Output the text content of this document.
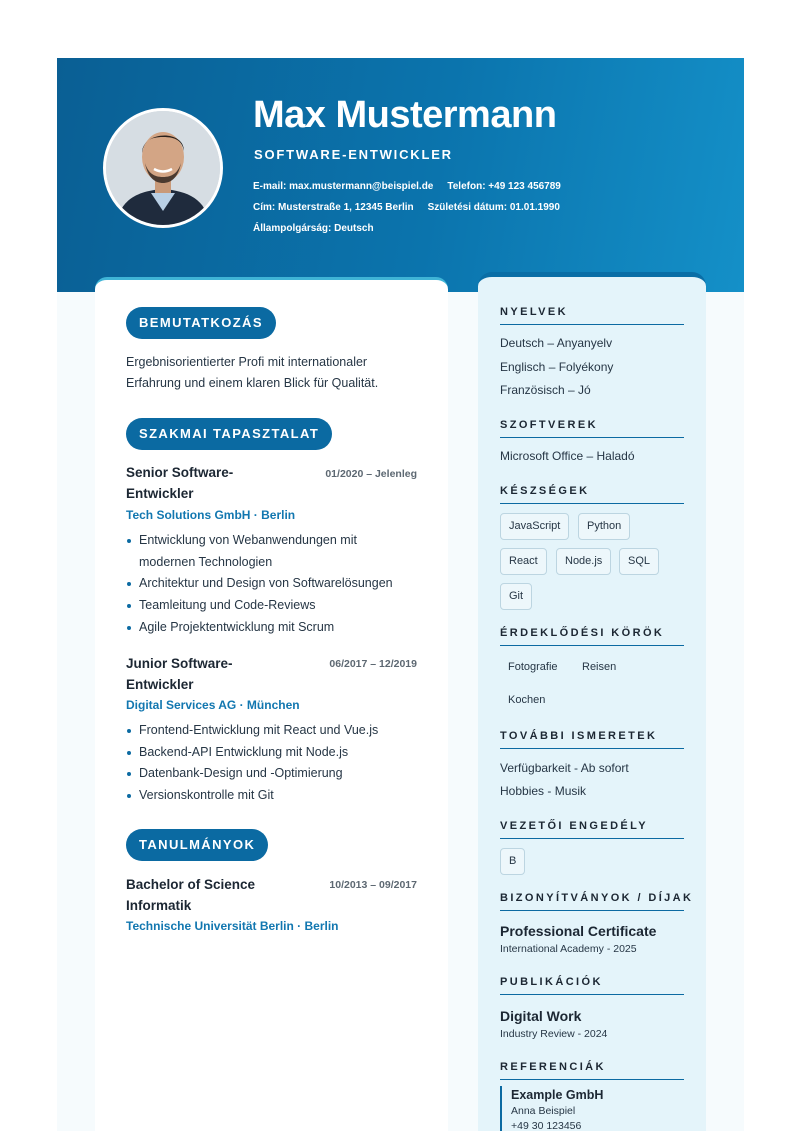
Max Mustermann
SOFTWARE-ENTWICKLER
E-mail: max.mustermann@beispiel.de Telefon: +49 123 456789
Cím: Musterstraße 1, 12345 Berlin Születési dátum: 01.01.1990
Állampolgárság: Deutsch
BEMUTATKOZÁS
Ergebnisorientierter Profi mit internationaler
Erfahrung und einem klaren Blick für Qualität.
SZAKMAI TAPASZTALAT
Senior Software-
Entwickler
01/2020 – Jelenleg
Tech Solutions GmbH · Berlin
Entwicklung von Webanwendungen mit
modernen Technologien
Architektur und Design von Softwarelösungen
Teamleitung und Code-Reviews
Agile Projektentwicklung mit Scrum
Junior Software-
Entwickler
06/2017 – 12/2019
Digital Services AG · München
Frontend-Entwicklung mit React und Vue.js
Backend-API Entwicklung mit Node.js
Datenbank-Design und -Optimierung
Versionskontrolle mit Git
TANULMÁNYOK
Bachelor of Science
Informatik
10/2013 – 09/2017
Technische Universität Berlin · Berlin
NYELVEK
Deutsch – Anyanyelv
Englisch – Folyékony
Französisch – Jó
SZOFTVEREK
Microsoft Office – Haladó
KÉSZSÉGEK
JavaScript	Python
React	Node.js	SQL
Git
ÉRDEKLŐDÉSI KÖRÖK
Fotografie Reisen
Kochen
TOVÁBBI ISMERETEK
Verfügbarkeit - Ab sofort
Hobbies - Musik
VEZETŐI ENGEDÉLY
B
BIZONYÍTVÁNYOK / DÍJAK
Professional Certificate
International Academy - 2025
PUBLIKÁCIÓK
Digital Work
Industry Review - 2024
REFERENCIÁK
Example GmbH
Anna Beispiel
+49 30 123456
